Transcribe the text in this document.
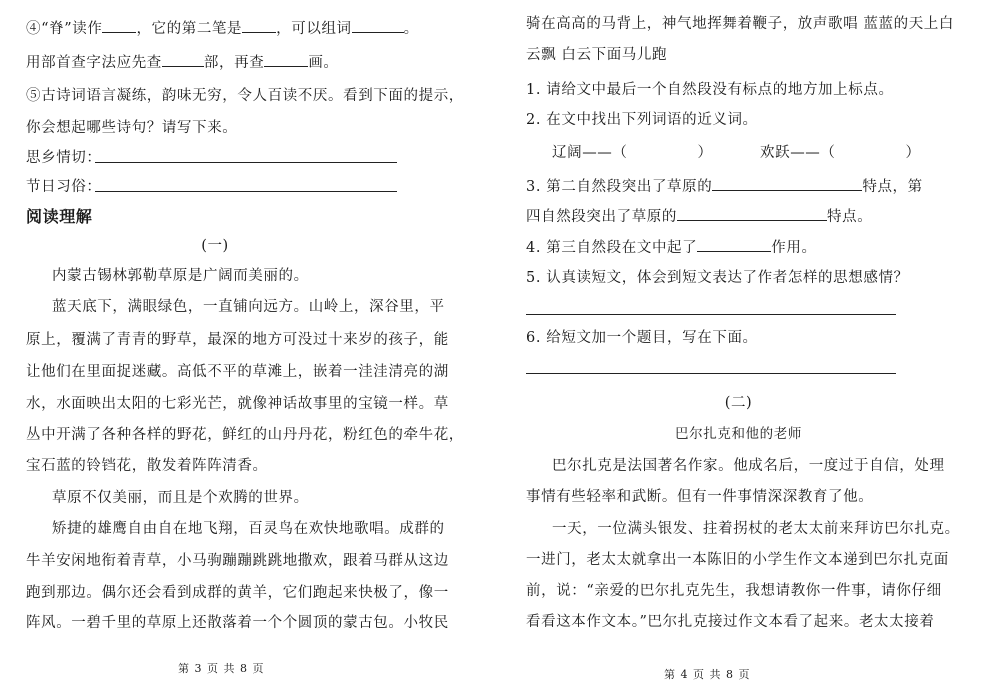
④“脊”读作 ，它的第二笔是 ，可以组词	。
用部首查字法应先查	部，再查	画。
⑤古诗词语言凝练，韵味无穷，令人百读不厌。看到下面的提示，
你会想起哪些诗句？请写下来。
思乡情切：
节日习俗：
阅读理解
(一)
内蒙古锡林郭勒草原是广阔而美丽的。
蓝天底下，满眼绿色，一直铺向远方。山岭上，深谷里，平
原上，覆满了青青的野草，最深的地方可没过十来岁的孩子，能
让他们在里面捉迷藏。高低不平的草滩上，嵌着一洼洼清亮的湖
水，水面映出太阳的七彩光芒，就像神话故事里的宝镜一样。草
丛中开满了各种各样的野花，鲜红的山丹丹花，粉红色的牵牛花，
宝石蓝的铃铛花，散发着阵阵清香。
草原不仅美丽，而且是个欢腾的世界。
矫捷的雄鹰自由自在地飞翔，百灵鸟在欢快地歌唱。成群的
牛羊安闲地衔着青草，小马驹蹦蹦跳跳地撒欢，跟着马群从这边
跑到那边。偶尔还会看到成群的黄羊，它们跑起来快极了，像一
阵风。一碧千里的草原上还散落着一个个圆顶的蒙古包。小牧民
第 3 页 共 8 页
骑在高高的马背上，神气地挥舞着鞭子，放声歌唱 蓝蓝的天上白
云飘 白云下面马儿跑
1. 请给文中最后一个自然段没有标点的地方加上标点。
2. 在文中找出下列词语的近义词。
辽阔——（	）	欢跃——（	）
3. 第二自然段突出了草原的	特点，第
四自然段突出了草原的	特点。
4. 第三自然段在文中起了	作用。
5. 认真读短文，体会到短文表达了作者怎样的思想感情？
6. 给短文加一个题目，写在下面。
(二)
巴尔扎克和他的老师
巴尔扎克是法国著名作家。他成名后，一度过于自信，处理
事情有些轻率和武断。但有一件事情深深教育了他。
一天，一位满头银发、拄着拐杖的老太太前来拜访巴尔扎克。
一进门，老太太就拿出一本陈旧的小学生作文本递到巴尔扎克面
前，说：“亲爱的巴尔扎克先生，我想请教你一件事，请你仔细
看看这本作文本。”巴尔扎克接过作文本看了起来。老太太接着
第 4 页 共 8 页
